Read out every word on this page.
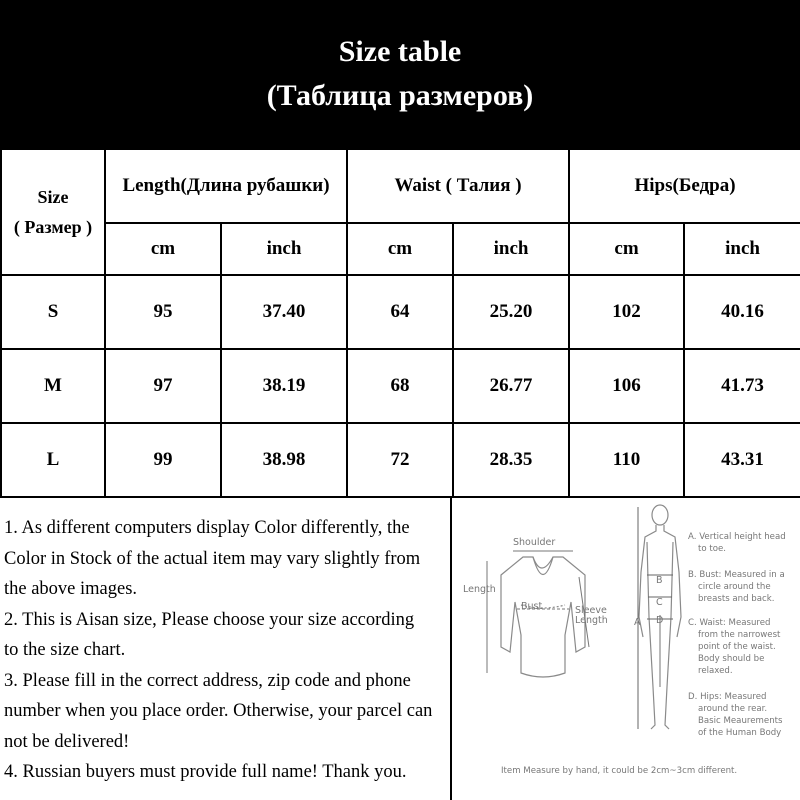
Size table
(Таблица размеров)
Size
( Размер )	Length(Длина рубашки)		Waist ( Талия )		Hips(Бедра)	
	cm	inch	cm	inch	cm	inch
S	95	37.40	64	25.20	102	40.16
M	97	38.19	68	26.77	106	41.73
L	99	38.98	72	28.35	110	43.31
1. As different computers display Color differently, the
Color in Stock of the actual item may vary slightly from
the above images.
2. This is Aisan size, Please choose your size according
to the size chart.
3. Please fill in the correct address, zip code and phone
number when you place order. Otherwise, your parcel can
not be delivered!
4. Russian buyers must provide full name! Thank you.
Shoulder
Length
Bust	Sleeve
Length	A
B
C
D
A. Vertical height head
to toe.
B. Bust: Measured in a
circle around the
breasts and back.
C. Waist: Measured
from the narrowest
point of the waist.
Body should be
relaxed.
D. Hips: Measured
around the rear.
Basic Meaurements
of the Human Body
Item Measure by hand, it could be 2cm~3cm different.
